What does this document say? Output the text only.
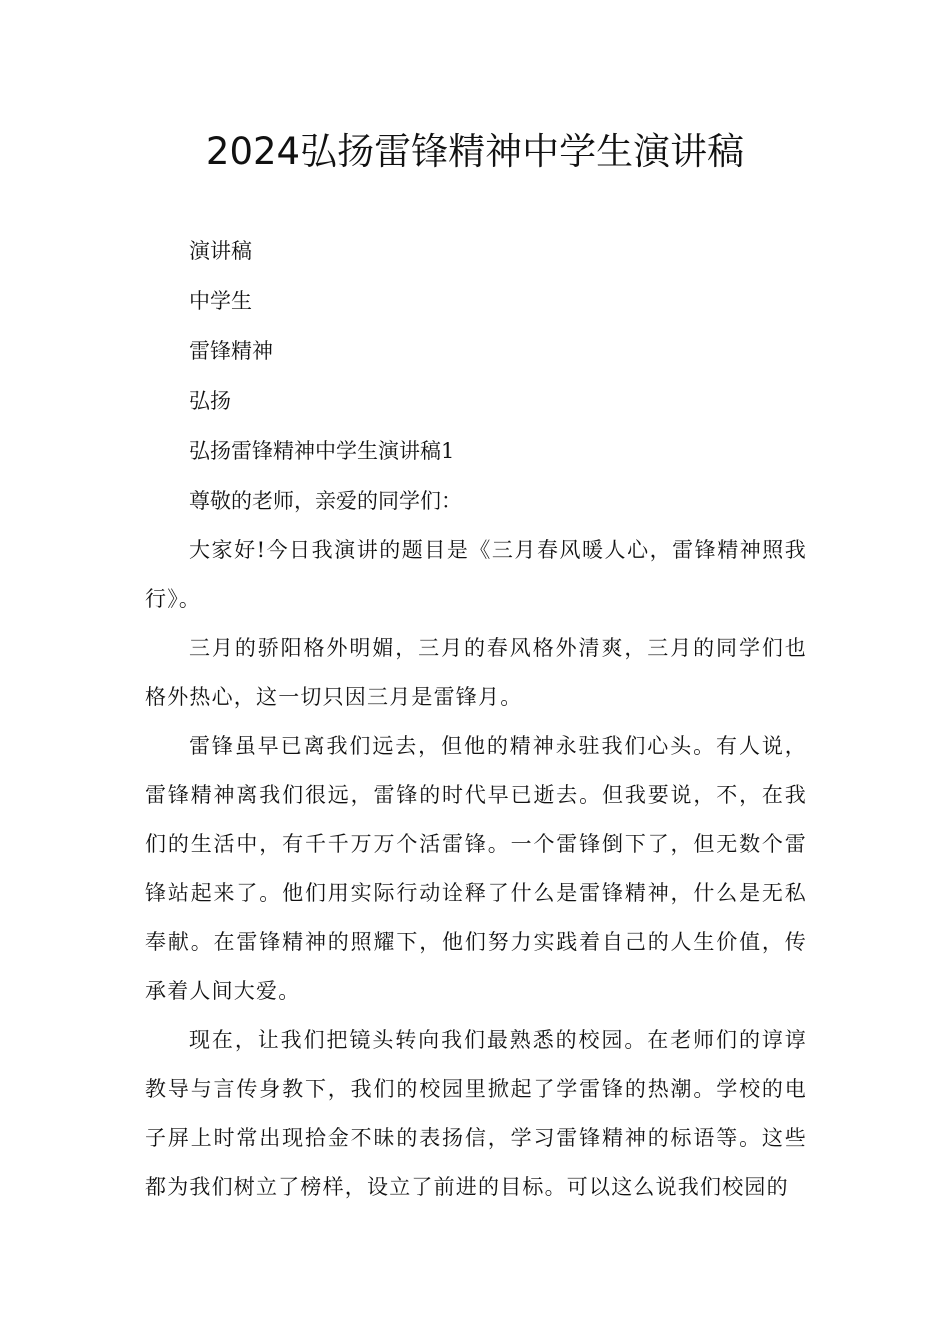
2024弘扬雷锋精神中学生演讲稿

演讲稿

中学生

雷锋精神

弘扬

弘扬雷锋精神中学生演讲稿1

尊敬的老师，亲爱的同学们：

大家好!今日我演讲的题目是《三月春风暖人心，雷锋精神照我行》。

三月的骄阳格外明媚，三月的春风格外清爽，三月的同学们也格外热心，这一切只因三月是雷锋月。

雷锋虽早已离我们远去，但他的精神永驻我们心头。有人说，雷锋精神离我们很远，雷锋的时代早已逝去。但我要说，不，在我们的生活中，有千千万万个活雷锋。一个雷锋倒下了，但无数个雷锋站起来了。他们用实际行动诠释了什么是雷锋精神，什么是无私奉献。在雷锋精神的照耀下，他们努力实践着自己的人生价值，传承着人间大爱。

现在，让我们把镜头转向我们最熟悉的校园。在老师们的谆谆教导与言传身教下，我们的校园里掀起了学雷锋的热潮。学校的电子屏上时常出现拾金不昧的表扬信，学习雷锋精神的标语等。这些都为我们树立了榜样，设立了前进的目标。可以这么说我们校园的
